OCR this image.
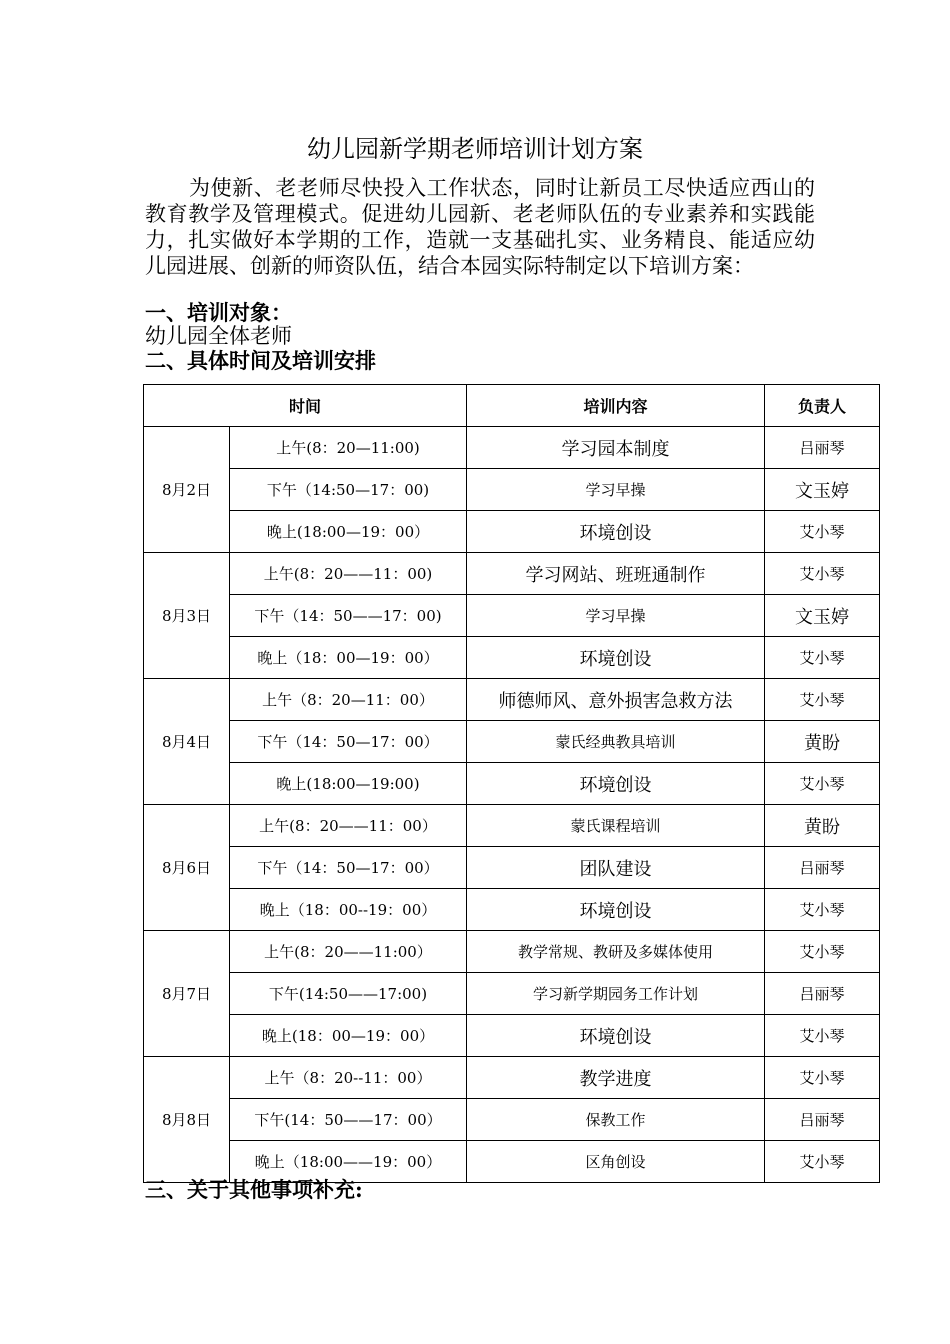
幼儿园新学期老师培训计划方案

为使新、老老师尽快投入工作状态，同时让新员工尽快适应西山的教育教学及管理模式。促进幼儿园新、老老师队伍的专业素养和实践能力，扎实做好本学期的工作，造就一支基础扎实、业务精良、能适应幼儿园进展、创新的师资队伍，结合本园实际特制定以下培训方案：

一、培训对象：
幼儿园全体老师
二、具体时间及培训安排
时间		培训内容	负责人
8月2日	上午(8：20—11:00)	学习园本制度	吕丽琴
	下午（14:50—17：00)	学习早操	文玉婷
	晚上(18:00—19：00）	环境创设	艾小琴
8月3日	上午(8：20——11：00)	学习网站、班班通制作	艾小琴
	下午（14：50——17：00)	学习早操	文玉婷
	晚上（18：00—19：00）	环境创设	艾小琴
8月4日	上午（8：20—11：00）	师德师风、意外损害急救方法	艾小琴
	下午（14：50—17：00）	蒙氏经典教具培训	黄盼
	晚上(18:00—19:00)	环境创设	艾小琴
8月6日	上午(8：20——11：00）	蒙氏课程培训	黄盼
	下午（14：50—17：00）	团队建设	吕丽琴
	晚上（18：00--19：00）	环境创设	艾小琴
8月7日	上午(8：20——11:00）	教学常规、教研及多媒体使用	艾小琴
	下午(14:50——17:00)	学习新学期园务工作计划	吕丽琴
	晚上(18：00—19：00）	环境创设	艾小琴
8月8日	上午（8：20--11：00）	教学进度	艾小琴
	下午(14：50——17：00）	保教工作	吕丽琴
	晚上（18:00——19：00）	区角创设	艾小琴
三、关于其他事项补充:
